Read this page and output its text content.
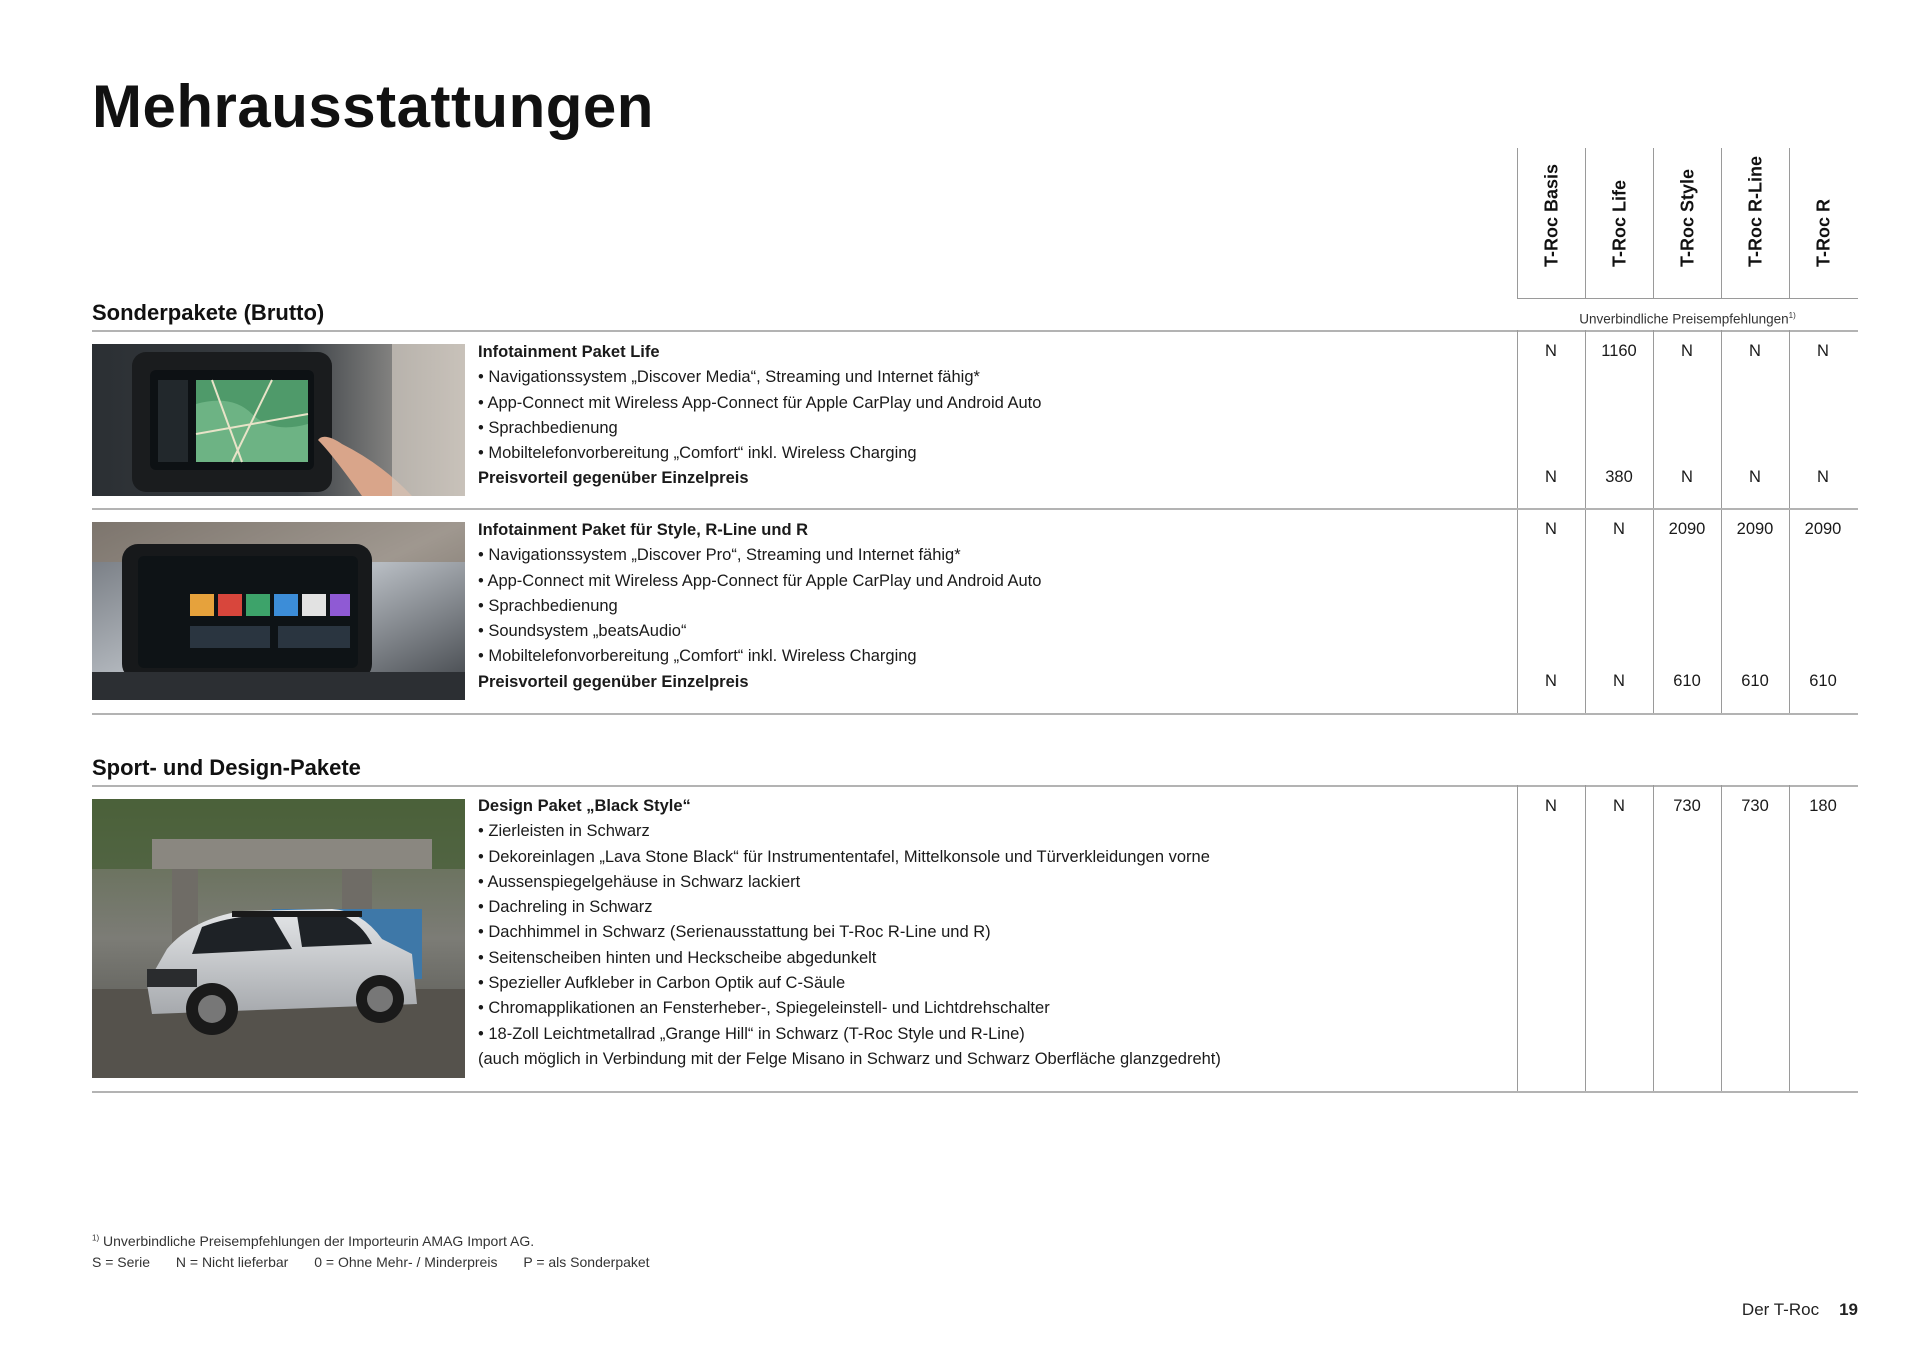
Mehrausstattungen
T-Roc Basis	T-Roc Life	T-Roc Style	T-Roc R-Line	T-Roc R
Unverbindliche Preisempfehlungen$^{1)}$
Sonderpakete (Brutto)
Infotainment Paket Life
• Navigationssystem „Discover Media“, Streaming und Internet fähig*
• App-Connect mit Wireless App-Connect für Apple CarPlay und Android Auto
• Sprachbedienung
• Mobiltelefonvorbereitung „Comfort“ inkl. Wireless Charging
Preisvorteil gegenüber Einzelpreis
N	1160	N	N	N
N	380	N	N	N
Infotainment Paket für Style, R-Line und R
• Navigationssystem „Discover Pro“, Streaming und Internet fähig*
• App-Connect mit Wireless App-Connect für Apple CarPlay und Android Auto
• Sprachbedienung
• Soundsystem „beatsAudio“
• Mobiltelefonvorbereitung „Comfort“ inkl. Wireless Charging
Preisvorteil gegenüber Einzelpreis
N	N	2090	2090	2090
N	N	610	610	610
Sport- und Design-Pakete
Design Paket „Black Style“
• Zierleisten in Schwarz
• Dekoreinlagen „Lava Stone Black“ für Instrumententafel, Mittelkonsole und Türverkleidungen vorne
• Aussenspiegelgehäuse in Schwarz lackiert
• Dachreling in Schwarz
• Dachhimmel in Schwarz (Serienausstattung bei T-Roc R-Line und R)
• Seitenscheiben hinten und Heckscheibe abgedunkelt
• Spezieller Aufkleber in Carbon Optik auf C-Säule
• Chromapplikationen an Fensterheber-, Spiegeleinstell- und Lichtdrehschalter
• 18-Zoll Leichtmetallrad „Grange Hill“ in Schwarz (T-Roc Style und R-Line)
(auch möglich in Verbindung mit der Felge Misano in Schwarz und Schwarz Oberfläche glanzgedreht)
N	N	730	730	180
$^{1)}$ Unverbindliche Preisempfehlungen der Importeurin AMAG Import AG.
S = Serie N = Nicht lieferbar 0 = Ohne Mehr- / Minderpreis P = als Sonderpaket
Der T-Roc 19
